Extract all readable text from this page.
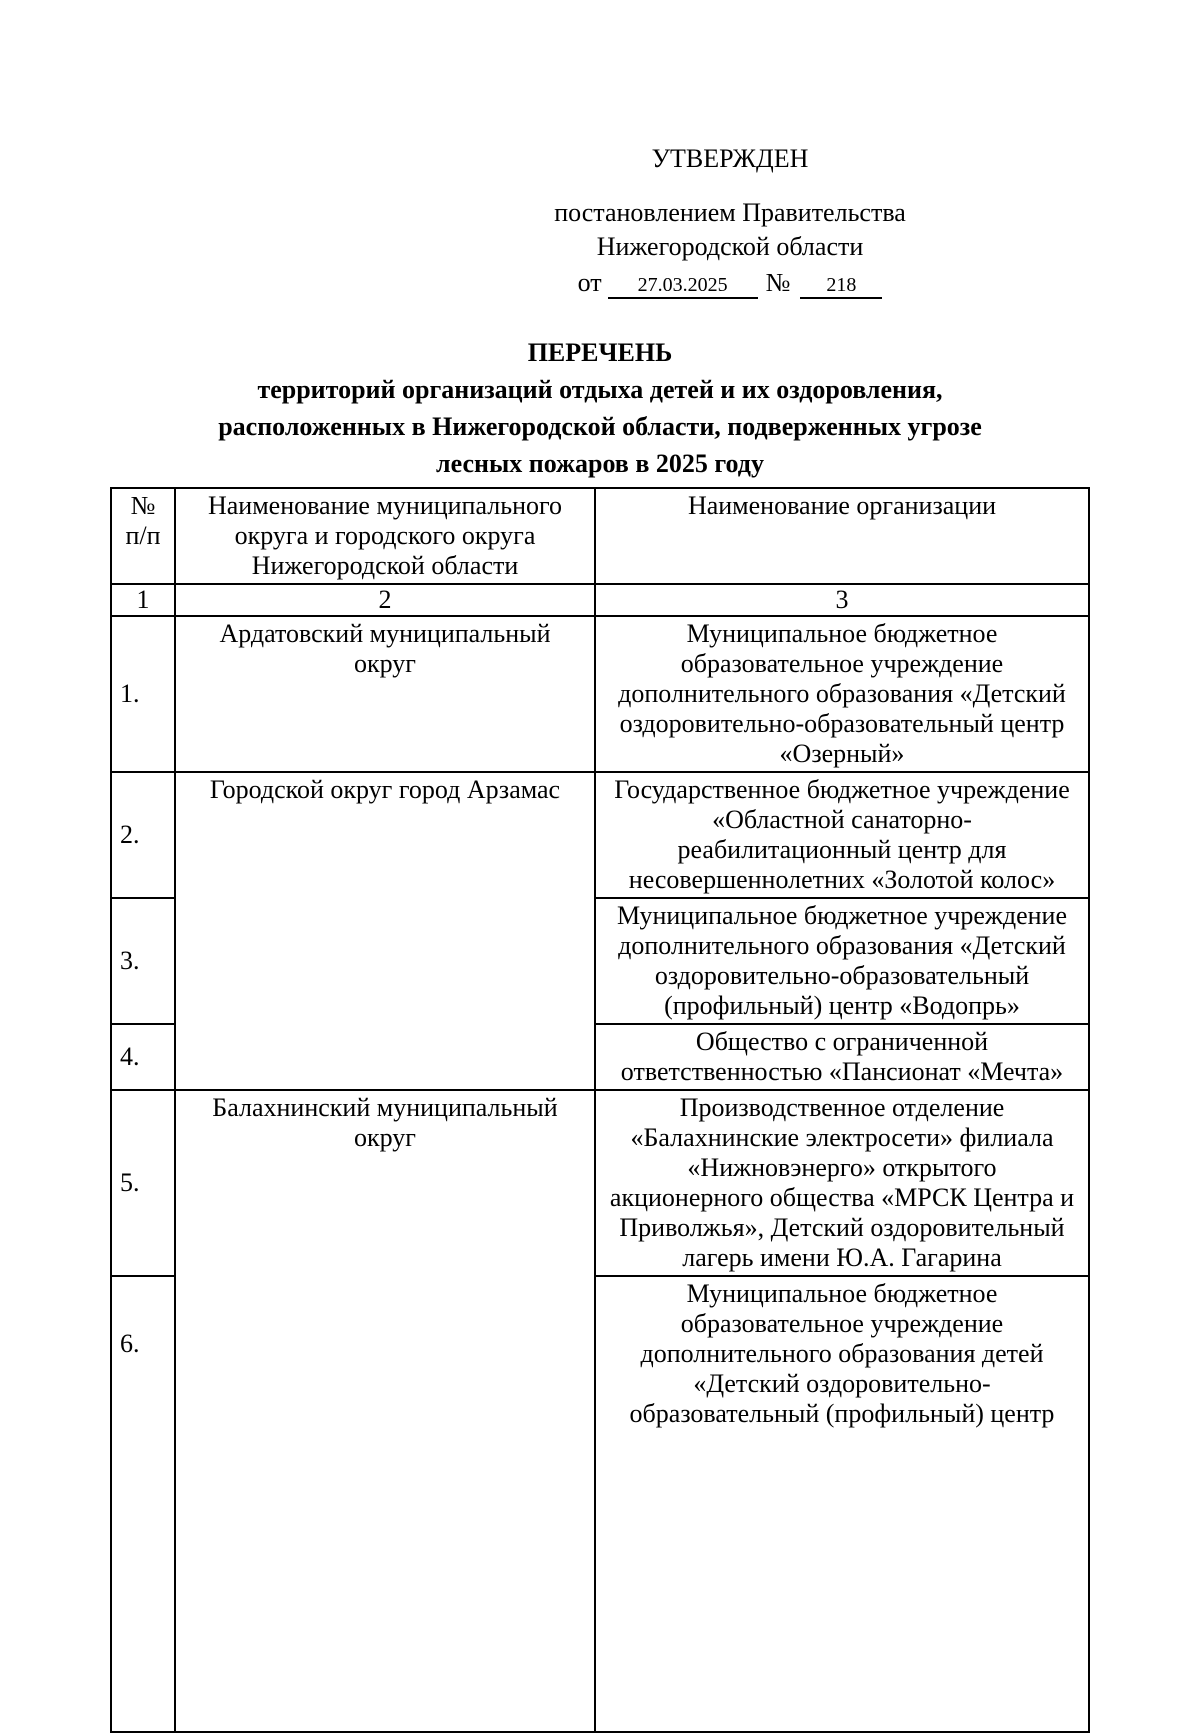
УТВЕРЖДЕН
постановлением Правительства
Нижегородской области
от 27.03.2025 № 218
ПЕРЕЧЕНЬ
территорий организаций отдыха детей и их оздоровления,
расположенных в Нижегородской области, подверженных угрозе
лесных пожаров в 2025 году
№ п/п	Наименование муниципального округа и городского округа Нижегородской области	Наименование организации
1	2	3
1.	Ардатовский муниципальный округ	Муниципальное бюджетное образовательное учреждение дополнительного образования «Детский оздоровительно-образовательный центр «Озерный»
2.	Городской округ город Арзамас	Государственное бюджетное учреждение «Областной санаторно-реабилитационный центр для несовершеннолетних «Золотой колос»
3.		Муниципальное бюджетное учреждение дополнительного образования «Детский оздоровительно-образовательный (профильный) центр «Водопрь»
4.		Общество с ограниченной ответственностью «Пансионат «Мечта»
5.	Балахнинский муниципальный округ	Производственное отделение «Балахнинские электросети» филиала «Нижновэнерго» открытого акционерного общества «МРСК Центра и Приволжья», Детский оздоровительный лагерь имени Ю.А. Гагарина
6.		Муниципальное бюджетное образовательное учреждение дополнительного образования детей «Детский оздоровительно-образовательный (профильный) центр
